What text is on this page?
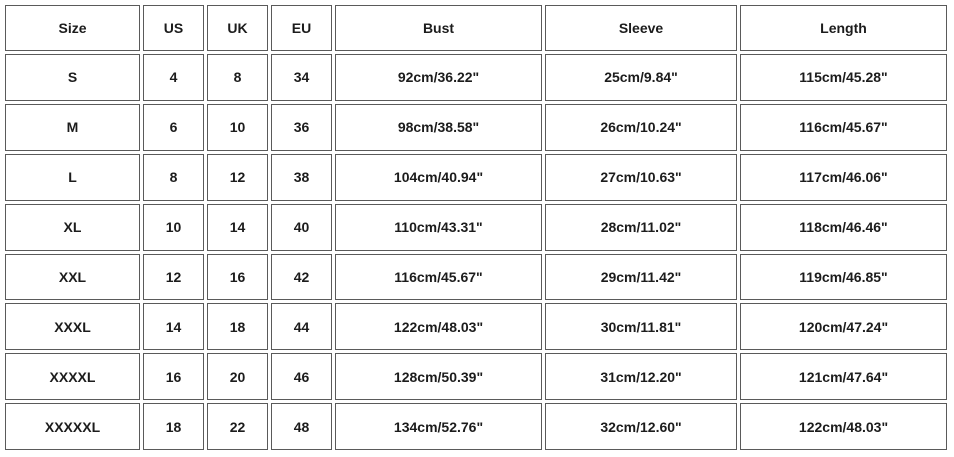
Size	US	UK	EU	Bust	Sleeve	Length
S	4	8	34	92cm/36.22"	25cm/9.84"	115cm/45.28"
M	6	10	36	98cm/38.58"	26cm/10.24"	116cm/45.67"
L	8	12	38	104cm/40.94"	27cm/10.63"	117cm/46.06"
XL	10	14	40	110cm/43.31"	28cm/11.02"	118cm/46.46"
XXL	12	16	42	116cm/45.67"	29cm/11.42"	119cm/46.85"
XXXL	14	18	44	122cm/48.03"	30cm/11.81"	120cm/47.24"
XXXXL	16	20	46	128cm/50.39"	31cm/12.20"	121cm/47.64"
XXXXXL	18	22	48	134cm/52.76"	32cm/12.60"	122cm/48.03"
